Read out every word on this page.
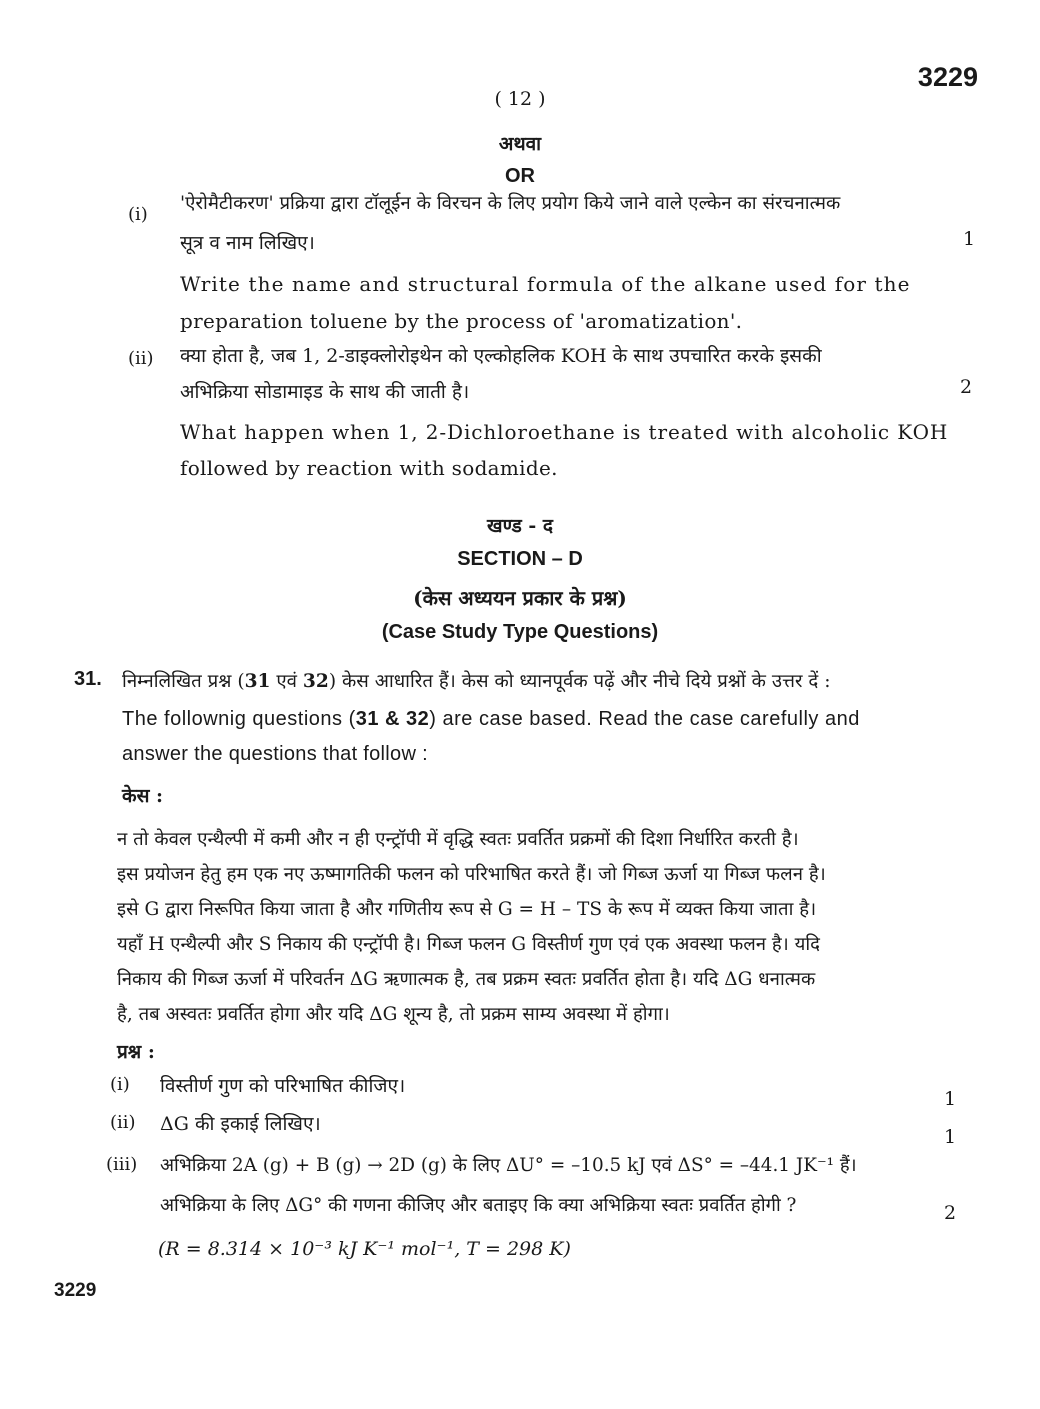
3229
( 12 )
अथवा
OR
(i)
'ऐरोमैटीकरण' प्रक्रिया द्वारा टॉलूईन के विरचन के लिए प्रयोग किये जाने वाले एल्केन का संरचनात्मक
सूत्र व नाम लिखिए।	1
Write the name and structural formula of the alkane used for the
preparation toluene by the process of 'aromatization'.
(ii) क्या होता है, जब 1, 2-डाइक्लोरोइथेन को एल्कोहलिक KOH के साथ उपचारित करके इसकी
अभिक्रिया सोडामाइड के साथ की जाती है।	2
What happen when 1, 2-Dichloroethane is treated with alcoholic KOH
followed by reaction with sodamide.
खण्ड - द
SECTION – D
(केस अध्ययन प्रकार के प्रश्न)
(Case Study Type Questions)
31. निम्नलिखित प्रश्न (31 एवं 32) केस आधारित हैं। केस को ध्यानपूर्वक पढ़ें और नीचे दिये प्रश्नों के उत्तर दें :
The follownig questions (31 & 32) are case based. Read the case carefully and
answer the questions that follow :
केस :
न तो केवल एन्थैल्पी में कमी और न ही एन्ट्रॉपी में वृद्धि स्वतः प्रवर्तित प्रक्रमों की दिशा निर्धारित करती है।
इस प्रयोजन हेतु हम एक नए ऊष्मागतिकी फलन को परिभाषित करते हैं। जो गिब्ज ऊर्जा या गिब्ज फलन है।
इसे G द्वारा निरूपित किया जाता है और गणितीय रूप से G = H – TS के रूप में व्यक्त किया जाता है।
यहाँ H एन्थैल्पी और S निकाय की एन्ट्रॉपी है। गिब्ज फलन G विस्तीर्ण गुण एवं एक अवस्था फलन है। यदि
निकाय की गिब्ज ऊर्जा में परिवर्तन ΔG ऋणात्मक है, तब प्रक्रम स्वतः प्रवर्तित होता है। यदि ΔG धनात्मक
है, तब अस्वतः प्रवर्तित होगा और यदि ΔG शून्य है, तो प्रक्रम साम्य अवस्था में होगा।
प्रश्न :
(i) विस्तीर्ण गुण को परिभाषित कीजिए।
1
(ii) ΔG की इकाई लिखिए।
1
(iii) अभिक्रिया 2A (g) + B (g) → 2D (g) के लिए ΔU° = –10.5 kJ एवं ΔS° = –44.1 JK⁻¹ हैं।
अभिक्रिया के लिए ΔG° की गणना कीजिए और बताइए कि क्या अभिक्रिया स्वतः प्रवर्तित होगी ?	2
(R = 8.314 × 10⁻³ kJ K⁻¹ mol⁻¹, T = 298 K)
3229
